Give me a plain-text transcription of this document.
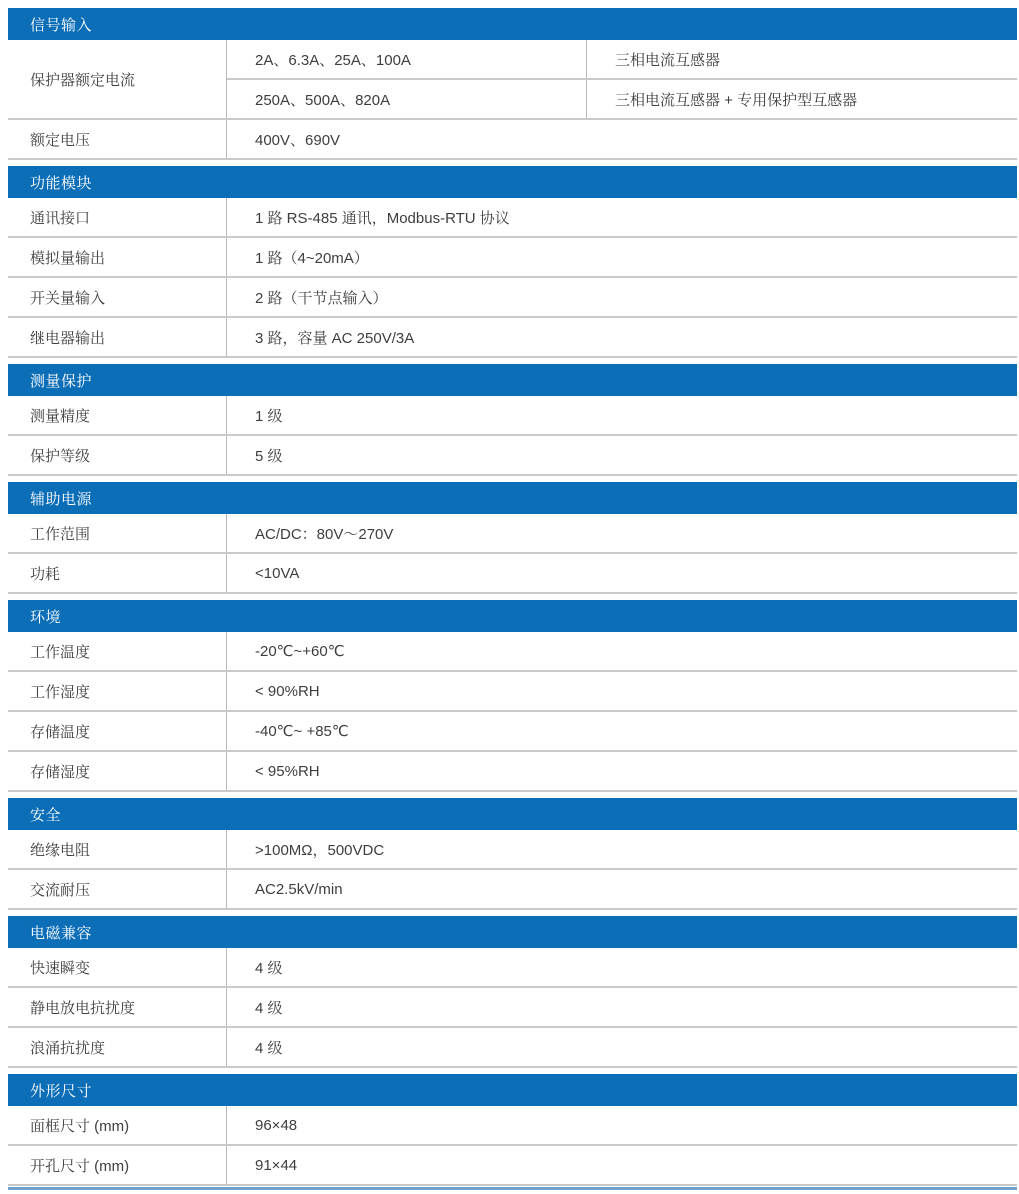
信号输入
保护器额定电流
2A、6.3A、25A、100A	三相电流互感器
250A、500A、820A	三相电流互感器 + 专用保护型互感器
额定电压	400V、690V
功能模块
通讯接口	1 路 RS-485 通讯，Modbus-RTU 协议
模拟量输出	1 路（4~20mA）
开关量输入	2 路（干节点输入）
继电器输出	3 路，容量 AC 250V/3A
测量保护
测量精度	1 级
保护等级	5 级
辅助电源
工作范围	AC/DC：80V～270V
功耗	<10VA
环境
工作温度	-20℃~+60℃
工作湿度	< 90%RH
存储温度	-40℃~ +85℃
存储湿度	< 95%RH
安全
绝缘电阻	>100MΩ，500VDC
交流耐压	AC2.5kV/min
电磁兼容
快速瞬变	4 级
静电放电抗扰度	4 级
浪涌抗扰度	4 级
外形尺寸
面框尺寸 (mm)	96×48
开孔尺寸 (mm)	91×44
